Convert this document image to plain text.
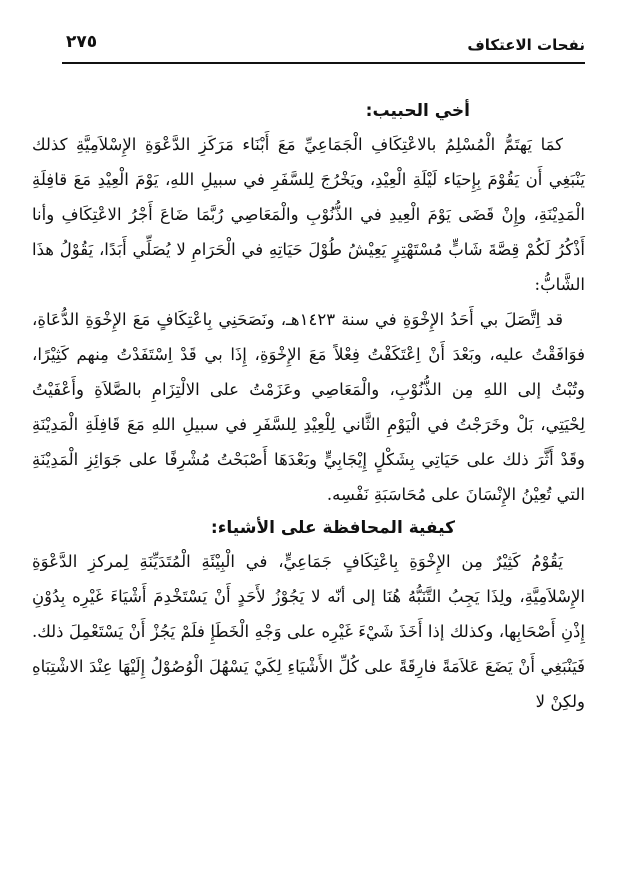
نفحات الاعتكاف
٢٧٥

أخي الحبيب:

كمَا يَهتَمُّ الْمُسْلِمُ بالاعْتِكَافِ الْجَمَاعِيِّ مَعَ أَبْنَاء مَرَكَزِ الدَّعْوَةِ الإِسْلاَمِيَّةِ كذلك يَنْبَغِي أَن يَقُوْمَ بِإِحيَاء لَيْلَةِ الْعِيْدِ، ويَخْرُجَ لِلسَّفَرِ في سبيلِ اللهِ، يَوْمَ الْعِيْدِ مَعَ قافِلَةِ الْمَدِيْنَةِ، وإِنْ قَضَى يَوْمَ الْعِيدِ في الذُّنُوْبِ والْمَعَاصِي رُبَّمَا ضَاعَ أَجْرُ الاعْتِكَافِ وأنا أَذْكُرُ لَكُمْ قِصَّةَ شَابٍّ مُسْتَهْتِرٍ يَعِيْشُ طُوْلَ حَيَاتِهِ في الْحَرَامِ لا يُصَلِّي أَبَدًا، يَقُوْلُ هذَا الشَّابُّ:

قد اِتَّصَلَ بي أَحَدُ الإِخْوَةِ في سنة ١٤٢٣هـ، ونَصَحَنِي بِاعْتِكَافٍ مَعَ الإِخْوَةِ الدُّعَاةِ، فوَافَقْتُ عليه، وبَعْدَ أَنْ اِعْتَكَفْتُ فِعْلاً مَعَ الإِخْوَةِ، إِذَا بي قَدْ اِسْتَفَدْتُ مِنهم كَثِيْرًا، وتُبْتُ إلى اللهِ مِن الذُّنُوْبِ، والْمَعَاصِي وعَزَمْتُ على الالْتِزَامِ بالصَّلاَةِ وأَعْفَيْتُ لِحْيَتِي، بَلْ وخَرَجْتُ في الْيَوْمِ الثَّاني لِلْعِيْدِ لِلسَّفَرِ في سبيلِ اللهِ مَعَ قَافِلَةِ الْمَدِيْنَةِ وقَدْ أَثَّرَ ذلك على حَيَاتِي بِشَكْلٍ إِيْجَابِيٍّ وبَعْدَهَا أَصْبَحْتُ مُشْرِفًا على جَوَائِزِ الْمَدِيْنَةِ التي تُعِيْنُ الإِنْسَانَ على مُحَاسَبَةِ نَفْسِه.

كيفية المحافظة على الأشياء:

يَقُوْمُ كَثِيْرٌ مِن الإِخْوَةِ بِاعْتِكَافٍ جَمَاعِيٍّ، في الْبِيْئَةِ الْمُتَدَيِّنَةِ لِمركزِ الدَّعْوَةِ الإِسْلاَمِيَّةِ، ولِذَا يَجِبُ التَّنَبُّهُ هُنَا إلى أنّه لا يَجُوْزُ لأَحَدٍ أَنْ يَسْتَخْدِمَ أَشْيَاءَ غَيْرِه بِدُوْنِ إِذْنِ أَصْحَابِها، وكذلك إذا أَخَذَ شَيْءَ غَيْرِه على وَجْهِ الْخَطَإِ فلَمْ يَجُزْ أَنْ يَسْتَعْمِلَ ذلك. فَيَنْبَغِي أَنْ يَضَعَ عَلاَمَةً فارِقَةً على كُلِّ الأَشْيَاءِ لِكَيْ يَسْهُلَ الْوُصُوْلُ إِلَيْهَا عِنْدَ الاشْتِبَاهِ ولكِنْ لا
